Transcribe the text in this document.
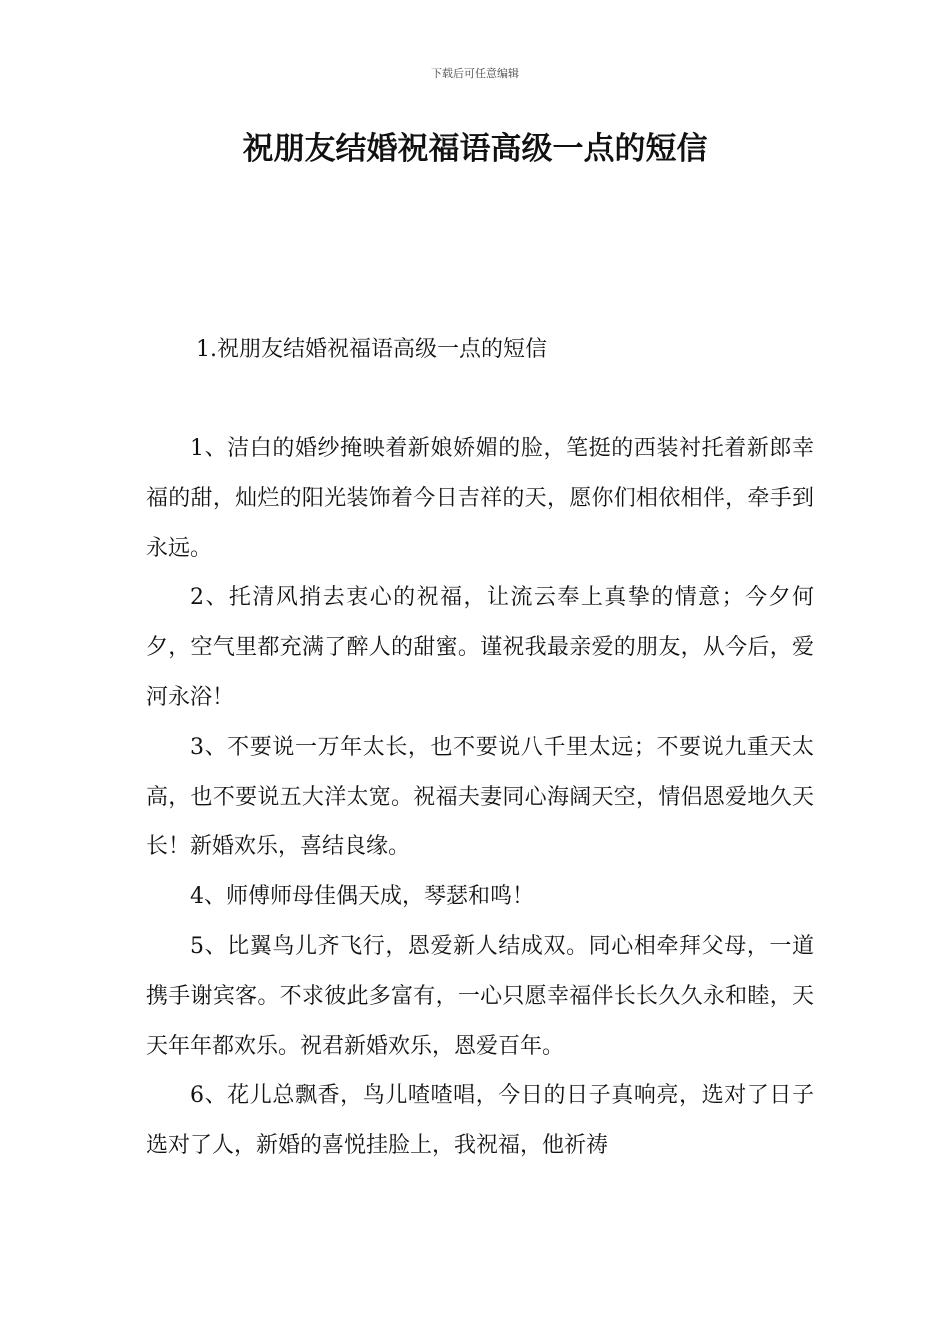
下载后可任意编辑
祝朋友结婚祝福语高级一点的短信
1.祝朋友结婚祝福语高级一点的短信

1、洁白的婚纱掩映着新娘娇媚的脸，笔挺的西装衬托着新郎幸福的甜，灿烂的阳光装饰着今日吉祥的天，愿你们相依相伴，牵手到永远。

2、托清风捎去衷心的祝福，让流云奉上真挚的情意；今夕何夕，空气里都充满了醉人的甜蜜。谨祝我最亲爱的朋友，从今后，爱河永浴！

3、不要说一万年太长，也不要说八千里太远；不要说九重天太高，也不要说五大洋太宽。祝福夫妻同心海阔天空，情侣恩爱地久天长！新婚欢乐，喜结良缘。

4、师傅师母佳偶天成，琴瑟和鸣！

5、比翼鸟儿齐飞行，恩爱新人结成双。同心相牵拜父母，一道携手谢宾客。不求彼此多富有，一心只愿幸福伴长长久久永和睦，天天年年都欢乐。祝君新婚欢乐，恩爱百年。

6、花儿总飘香，鸟儿喳喳唱，今日的日子真响亮，选对了日子选对了人，新婚的喜悦挂脸上，我祝福，他祈祷
